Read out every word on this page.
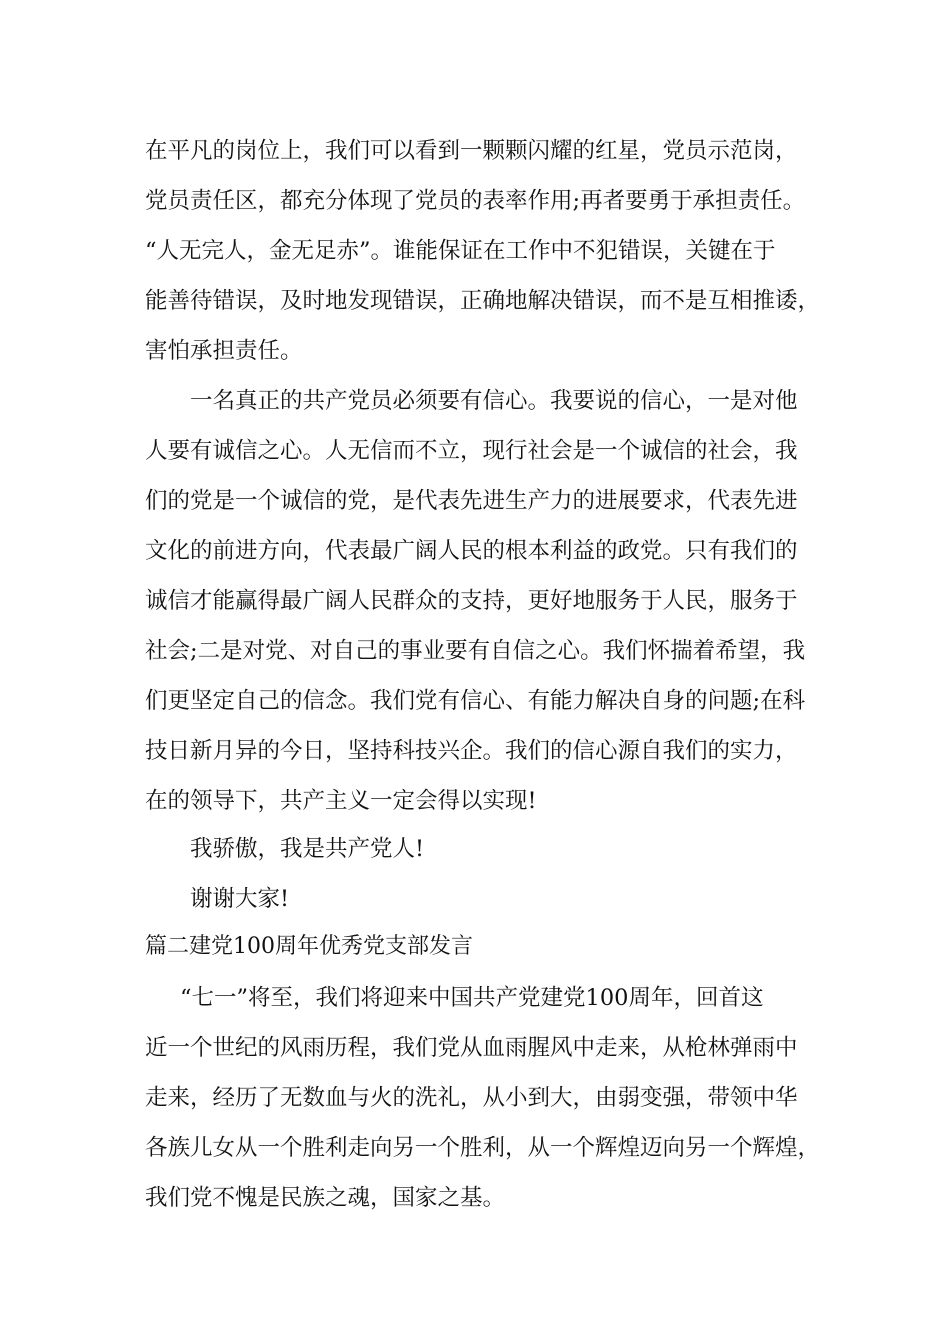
在平凡的岗位上，我们可以看到一颗颗闪耀的红星，党员示范岗，
党员责任区，都充分体现了党员的表率作用;再者要勇于承担责任。
“人无完人，金无足赤”。谁能保证在工作中不犯错误，关键在于
能善待错误，及时地发现错误，正确地解决错误，而不是互相推诿，
害怕承担责任。
一名真正的共产党员必须要有信心。我要说的信心，一是对他
人要有诚信之心。人无信而不立，现行社会是一个诚信的社会，我
们的党是一个诚信的党，是代表先进生产力的进展要求，代表先进
文化的前进方向，代表最广阔人民的根本利益的政党。只有我们的
诚信才能赢得最广阔人民群众的支持，更好地服务于人民，服务于
社会;二是对党、对自己的事业要有自信之心。我们怀揣着希望，我
们更坚定自己的信念。我们党有信心、有能力解决自身的问题;在科
技日新月异的今日，坚持科技兴企。我们的信心源自我们的实力，
在的领导下，共产主义一定会得以实现!
我骄傲，我是共产党人!
谢谢大家!
篇二建党100周年优秀党支部发言
“七一”将至，我们将迎来中国共产党建党100周年，回首这
近一个世纪的风雨历程，我们党从血雨腥风中走来，从枪林弹雨中
走来，经历了无数血与火的洗礼，从小到大，由弱变强，带领中华
各族儿女从一个胜利走向另一个胜利，从一个辉煌迈向另一个辉煌，
我们党不愧是民族之魂，国家之基。
